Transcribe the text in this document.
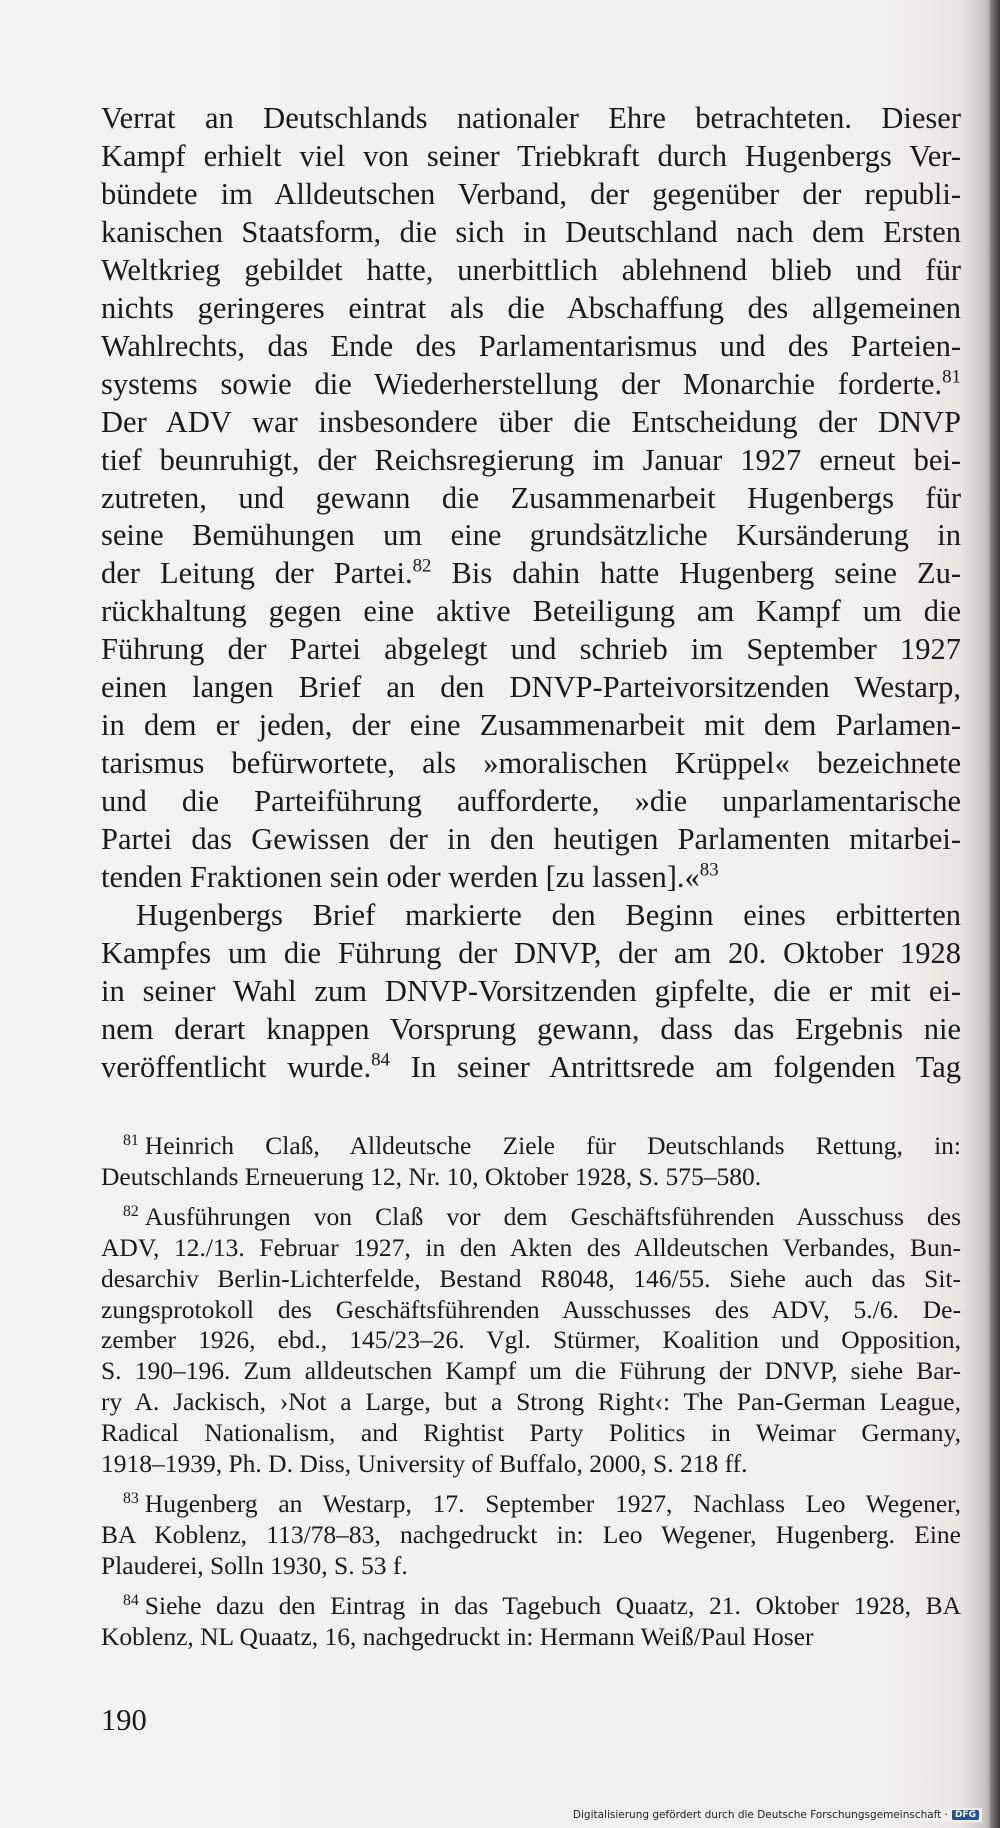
Verrat an Deutschlands nationaler Ehre betrachteten. Dieser
Kampf erhielt viel von seiner Triebkraft durch Hugenbergs Ver-
bündete im Alldeutschen Verband, der gegenüber der republi-
kanischen Staatsform, die sich in Deutschland nach dem Ersten
Weltkrieg gebildet hatte, unerbittlich ablehnend blieb und für
nichts geringeres eintrat als die Abschaffung des allgemeinen
Wahlrechts, das Ende des Parlamentarismus und des Parteien-
systems sowie die Wiederherstellung der Monarchie forderte.$^{81}$
Der ADV war insbesondere über die Entscheidung der DNVP
tief beunruhigt, der Reichsregierung im Januar 1927 erneut bei-
zutreten, und gewann die Zusammenarbeit Hugenbergs für
seine Bemühungen um eine grundsätzliche Kursänderung in
der Leitung der Partei.$^{82}$ Bis dahin hatte Hugenberg seine Zu-
rückhaltung gegen eine aktive Beteiligung am Kampf um die
Führung der Partei abgelegt und schrieb im September 1927
einen langen Brief an den DNVP-Parteivorsitzenden Westarp,
in dem er jeden, der eine Zusammenarbeit mit dem Parlamen-
tarismus befürwortete, als »moralischen Krüppel« bezeichnete
und die Parteiführung aufforderte, »die unparlamentarische
Partei das Gewissen der in den heutigen Parlamenten mitarbei-
tenden Fraktionen sein oder werden [zu lassen].«$^{83}$
Hugenbergs Brief markierte den Beginn eines erbitterten
Kampfes um die Führung der DNVP, der am 20. Oktober 1928
in seiner Wahl zum DNVP-Vorsitzenden gipfelte, die er mit ei-
nem derart knappen Vorsprung gewann, dass das Ergebnis nie
veröffentlicht wurde.$^{84}$ In seiner Antrittsrede am folgenden Tag
$^{81}$ Heinrich Claß, Alldeutsche Ziele für Deutschlands Rettung, in:
Deutschlands Erneuerung 12, Nr. 10, Oktober 1928, S. 575–580.
$^{82}$ Ausführungen von Claß vor dem Geschäftsführenden Ausschuss des
ADV, 12./13. Februar 1927, in den Akten des Alldeutschen Verbandes, Bun-
desarchiv Berlin-Lichterfelde, Bestand R8048, 146/55. Siehe auch das Sit-
zungsprotokoll des Geschäftsführenden Ausschusses des ADV, 5./6. De-
zember 1926, ebd., 145/23–26. Vgl. Stürmer, Koalition und Opposition,
S. 190–196. Zum alldeutschen Kampf um die Führung der DNVP, siehe Bar-
ry A. Jackisch, ›Not a Large, but a Strong Right‹: The Pan-German League,
Radical Nationalism, and Rightist Party Politics in Weimar Germany,
1918–1939, Ph. D. Diss, University of Buffalo, 2000, S. 218 ff.
$^{83}$ Hugenberg an Westarp, 17. September 1927, Nachlass Leo Wegener,
BA Koblenz, 113/78–83, nachgedruckt in: Leo Wegener, Hugenberg. Eine
Plauderei, Solln 1930, S. 53 f.
$^{84}$ Siehe dazu den Eintrag in das Tagebuch Quaatz, 21. Oktober 1928, BA
Koblenz, NL Quaatz, 16, nachgedruckt in: Hermann Weiß/Paul Hoser
190
Digitalisierung gefördert durch die Deutsche Forschungsgemeinschaft · DFG
